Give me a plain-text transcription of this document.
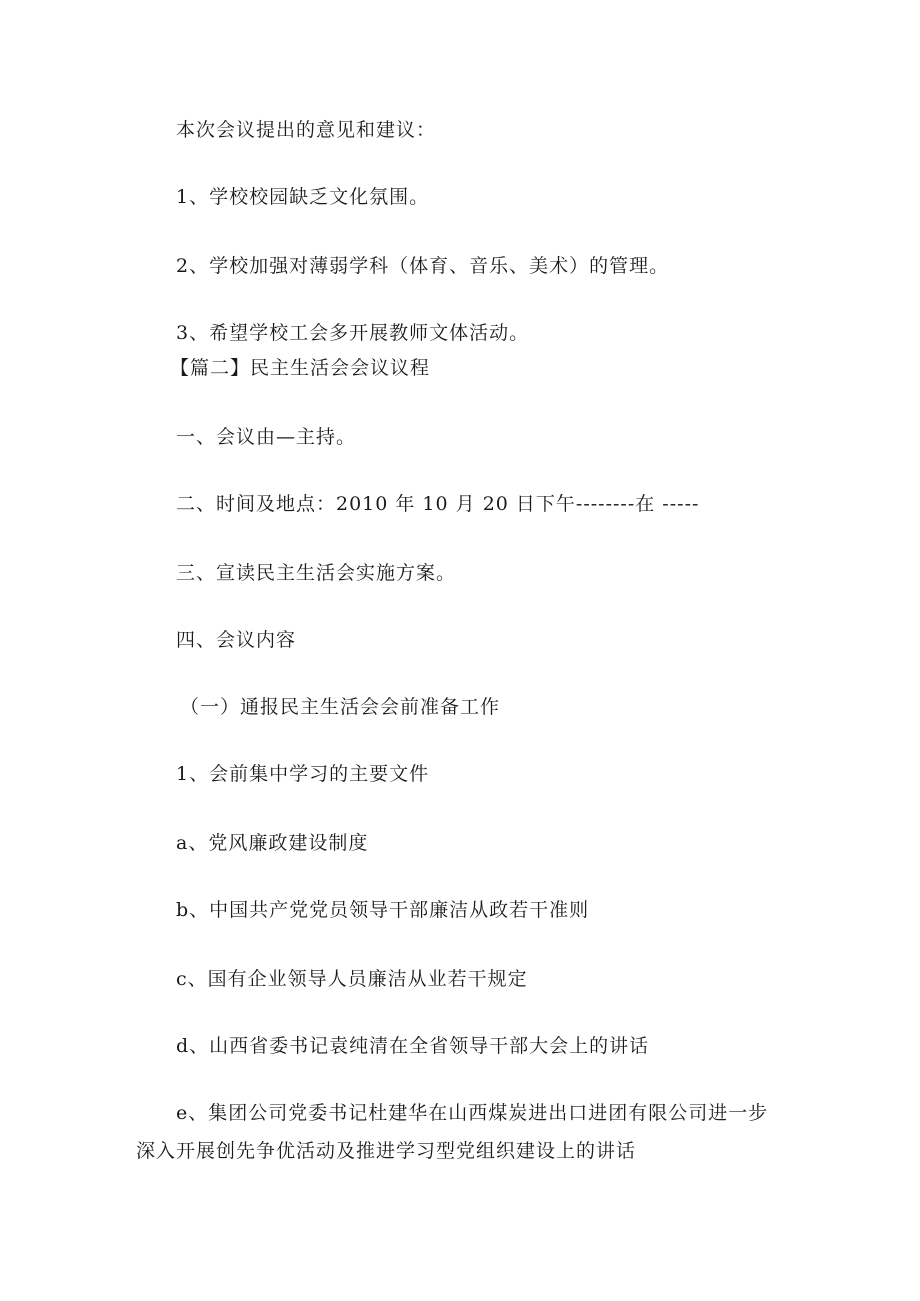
本次会议提出的意见和建议：
1、学校校园缺乏文化氛围。
2、学校加强对薄弱学科（体育、音乐、美术）的管理。
3、希望学校工会多开展教师文体活动。
【篇二】民主生活会会议议程
一、会议由—主持。
二、时间及地点：2010 年 10 月 20 日下午--------在 -----
三、宣读民主生活会实施方案。
四、会议内容
（一）通报民主生活会会前准备工作
1、会前集中学习的主要文件
a、党风廉政建设制度
b、中国共产党党员领导干部廉洁从政若干准则
c、国有企业领导人员廉洁从业若干规定
d、山西省委书记袁纯清在全省领导干部大会上的讲话
e、集团公司党委书记杜建华在山西煤炭进出口进团有限公司进一步深入开展创先争优活动及推进学习型党组织建设上的讲话
